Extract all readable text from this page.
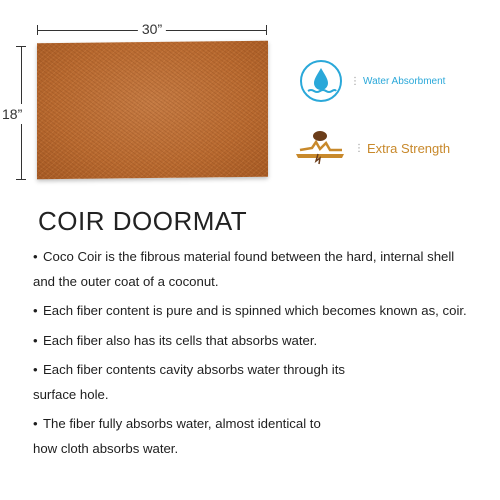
30”
18”
⋮ Water Absorbment
⋮ Extra Strength
COIR DOORMAT
• Coco Coir is the fibrous material found between the hard, internal shell
and the outer coat of a coconut.
• Each fiber content is pure and is spinned which becomes known as, coir.
• Each fiber also has its cells that absorbs water.
• Each fiber contents cavity absorbs water through its
surface hole.
• The fiber fully absorbs water, almost identical to
how cloth absorbs water.
